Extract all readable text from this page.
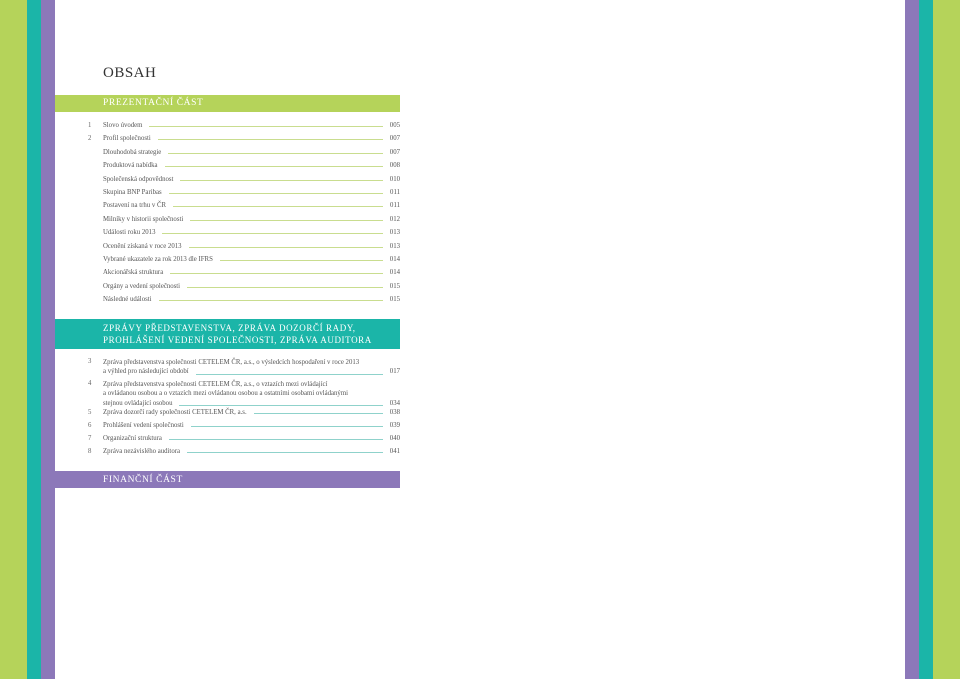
OBSAH
PREZENTAČNÍ ČÁST
1	Slovo úvodem	005
2	Profil společnosti	007
Dlouhodobá strategie	007
Produktová nabídka	008
Společenská odpovědnost	010
Skupina BNP Paribas	011
Postavení na trhu v ČR	011
Milníky v historii společnosti	012
Události roku 2013	013
Ocenění získaná v roce 2013	013
Vybrané ukazatele za rok 2013 dle IFRS	014
Akcionářská struktura	014
Orgány a vedení společnosti	015
Následné události	015
ZPRÁVY PŘEDSTAVENSTVA, ZPRÁVA DOZORČÍ RADY,
PROHLÁŠENÍ VEDENÍ SPOLEČNOSTI, ZPRÁVA AUDITORA
3 Zpráva představenstva společnosti CETELEM ČR, a.s., o výsledcích hospodaření v roce 2013
a výhled pro následující období	017
4 Zpráva představenstva společnosti CETELEM ČR, a.s., o vztazích mezi ovládající
a ovládanou osobou a o vztazích mezi ovládanou osobou a ostatními osobami ovládanými
stejnou ovládající osobou	034
5	Zpráva dozorčí rady společnosti CETELEM ČR, a.s.	038
6	Prohlášení vedení společnosti	039
7	Organizační struktura	040
8	Zpráva nezávislého auditora	041
FINANČNÍ ČÁST
